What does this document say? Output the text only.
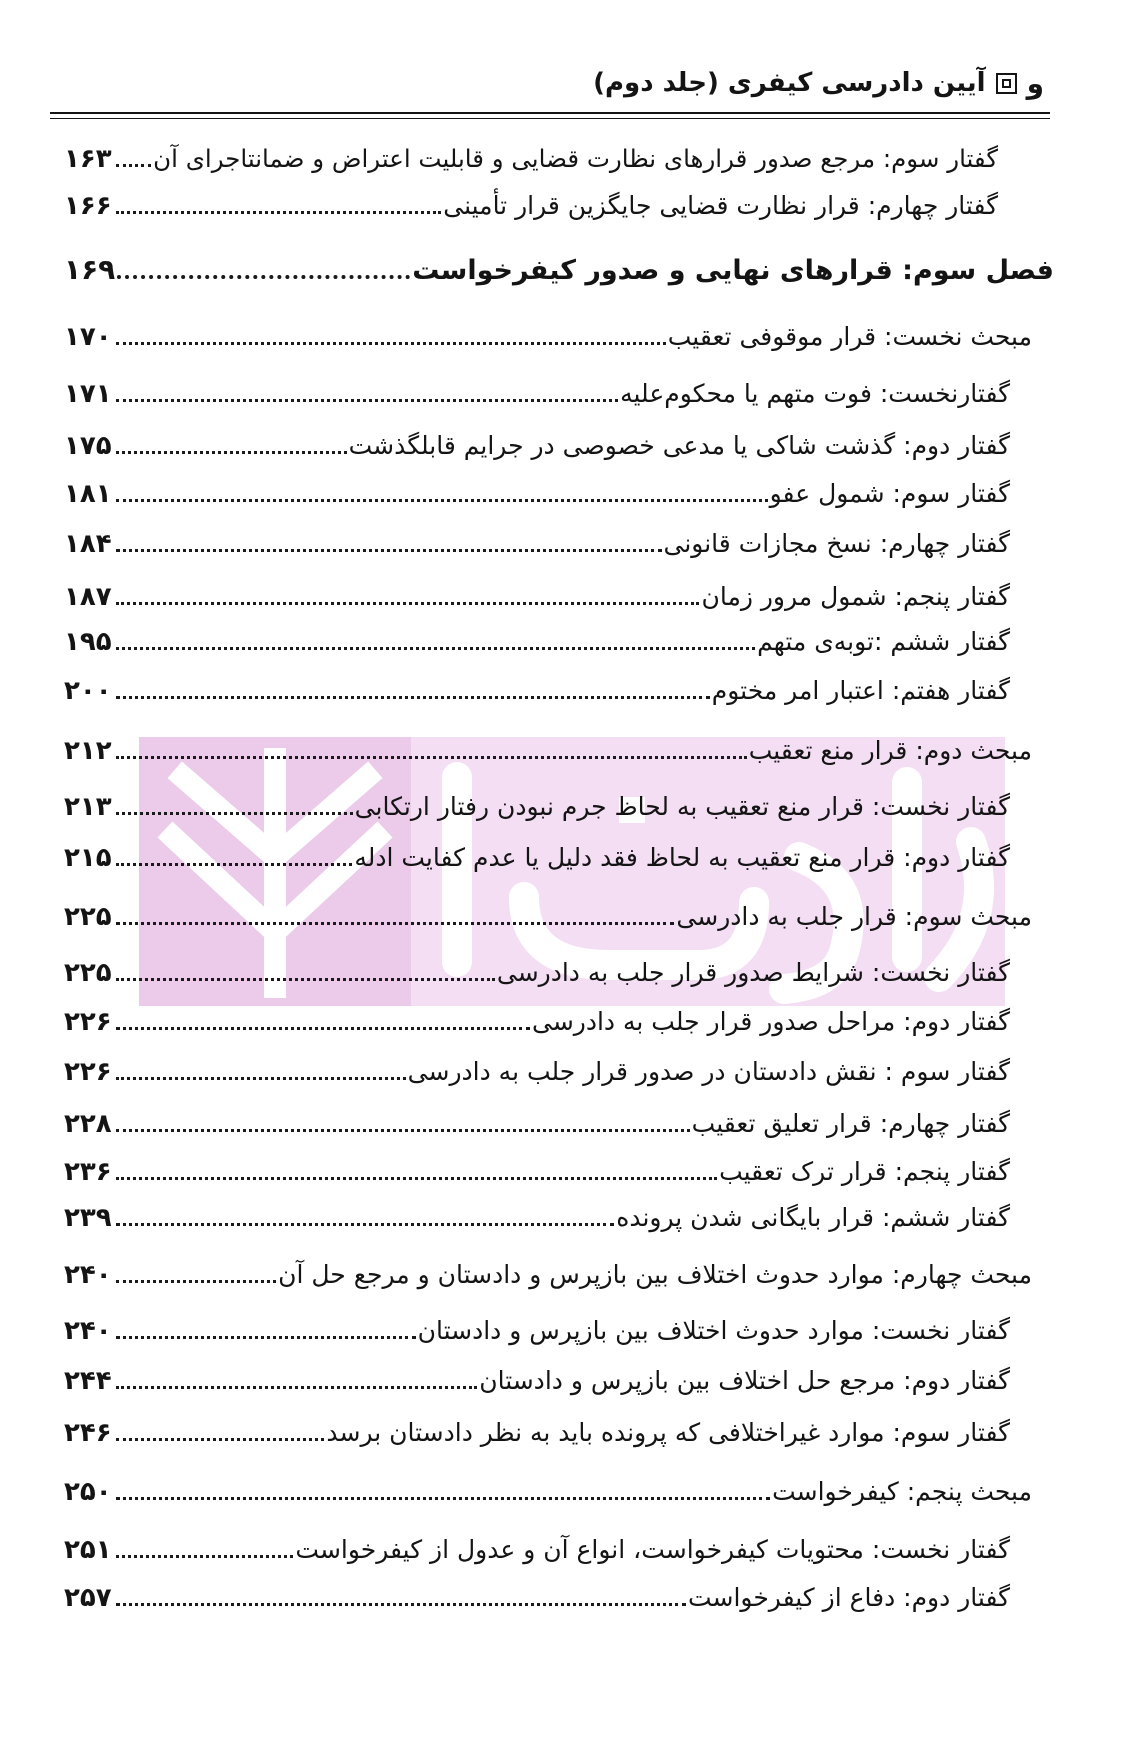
و
آیین دادرسی کیفری (جلد دوم)
گفتار سوم: مرجع صدور قرارهای نظارت قضایی و قابلیت اعتراض و ضمانتاجرای آن
۱۶۳
گفتار چهارم: قرار نظارت قضایی جایگزین قرار تأمینی
۱۶۶
فصل سوم: قرارهای نهایی و صدور کیفرخواست
۱۶۹
مبحث نخست: قرار موقوفی تعقیب
۱۷۰
گفتارنخست: فوت متهم یا محکوم‌علیه
۱۷۱
گفتار دوم: گذشت شاکی یا مدعی خصوصی در جرایم قابلگذشت
۱۷۵
گفتار سوم: شمول عفو
۱۸۱
گفتار چهارم: نسخ مجازات قانونی
۱۸۴
گفتار پنجم: شمول مرور زمان
۱۸۷
گفتار ششم :توبه‌ی متهم
۱۹۵
گفتار هفتم: اعتبار امر مختوم
۲۰۰
مبحث دوم: قرار منع تعقیب
۲۱۲
گفتار نخست: قرار منع تعقیب به لحاظ جرم نبودن رفتار ارتکابی
۲۱۳
گفتار دوم: قرار منع تعقیب به لحاظ فقد دلیل یا عدم کفایت ادله
۲۱۵
مبحث سوم: قرار جلب به دادرسی
۲۲۵
گفتار نخست: شرایط صدور قرار جلب به دادرسی
۲۲۵
گفتار دوم: مراحل صدور قرار جلب به دادرسی
۲۲۶
گفتار سوم : نقش دادستان در صدور قرار جلب به دادرسی
۲۲۶
گفتار چهارم: قرار تعلیق تعقیب
۲۲۸
گفتار پنجم: قرار ترک تعقیب
۲۳۶
گفتار ششم: قرار بایگانی شدن پرونده
۲۳۹
مبحث چهارم: موارد حدوث اختلاف بین بازپرس و دادستان و مرجع حل آن
۲۴۰
گفتار نخست: موارد حدوث اختلاف بین بازپرس و دادستان
۲۴۰
گفتار دوم: مرجع حل اختلاف بین بازپرس و دادستان
۲۴۴
گفتار سوم: موارد غیراختلافی که پرونده باید به نظر دادستان برسد
۲۴۶
مبحث پنجم: کیفرخواست
۲۵۰
گفتار نخست: محتویات کیفرخواست، انواع آن و عدول از کیفرخواست
۲۵۱
گفتار دوم: دفاع از کیفرخواست
۲۵۷
